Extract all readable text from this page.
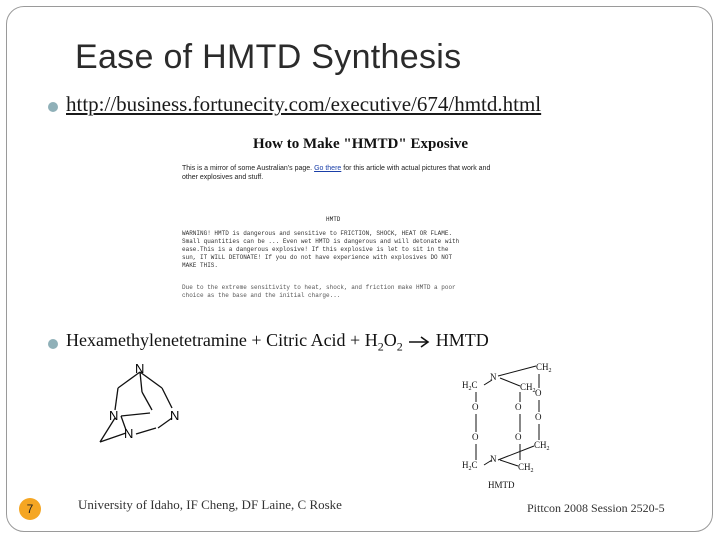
Ease of HMTD Synthesis
http://business.fortunecity.com/executive/674/hmtd.html
How to Make "HMTD" Exposive
This is a mirror of some Australian's page. Go there for this article with actual pictures that work and other explosives and stuff.
HMTD
WARNING! HMTD is dangerous and sensitive to FRICTION, SHOCK, HEAT OR FLAME.
Small quantities can be ... Even wet HMTD is dangerous and will detonate with
ease.This is a dangerous explosive! If this explosive is let to sit in the
sun, IT WILL DETONATE! If you do not have experience with explosives DO NOT
MAKE THIS.
Due to the extreme sensitivity to heat, shock, and friction make HMTD a poor
choice as the base and the initial charge...
Hexamethylenetetramine + Citric Acid + $H_2O_2$ HMTD
N
N	N
N
$CH_2$
$H_2C$	$CH_2$
N
O
O	O
O
O	O
$CH_2$
$H_2C$
N
$CH_2$
HMTD
7	University of Idaho, IF Cheng, DF Laine, C Roske	Pittcon 2008 Session 2520-5
